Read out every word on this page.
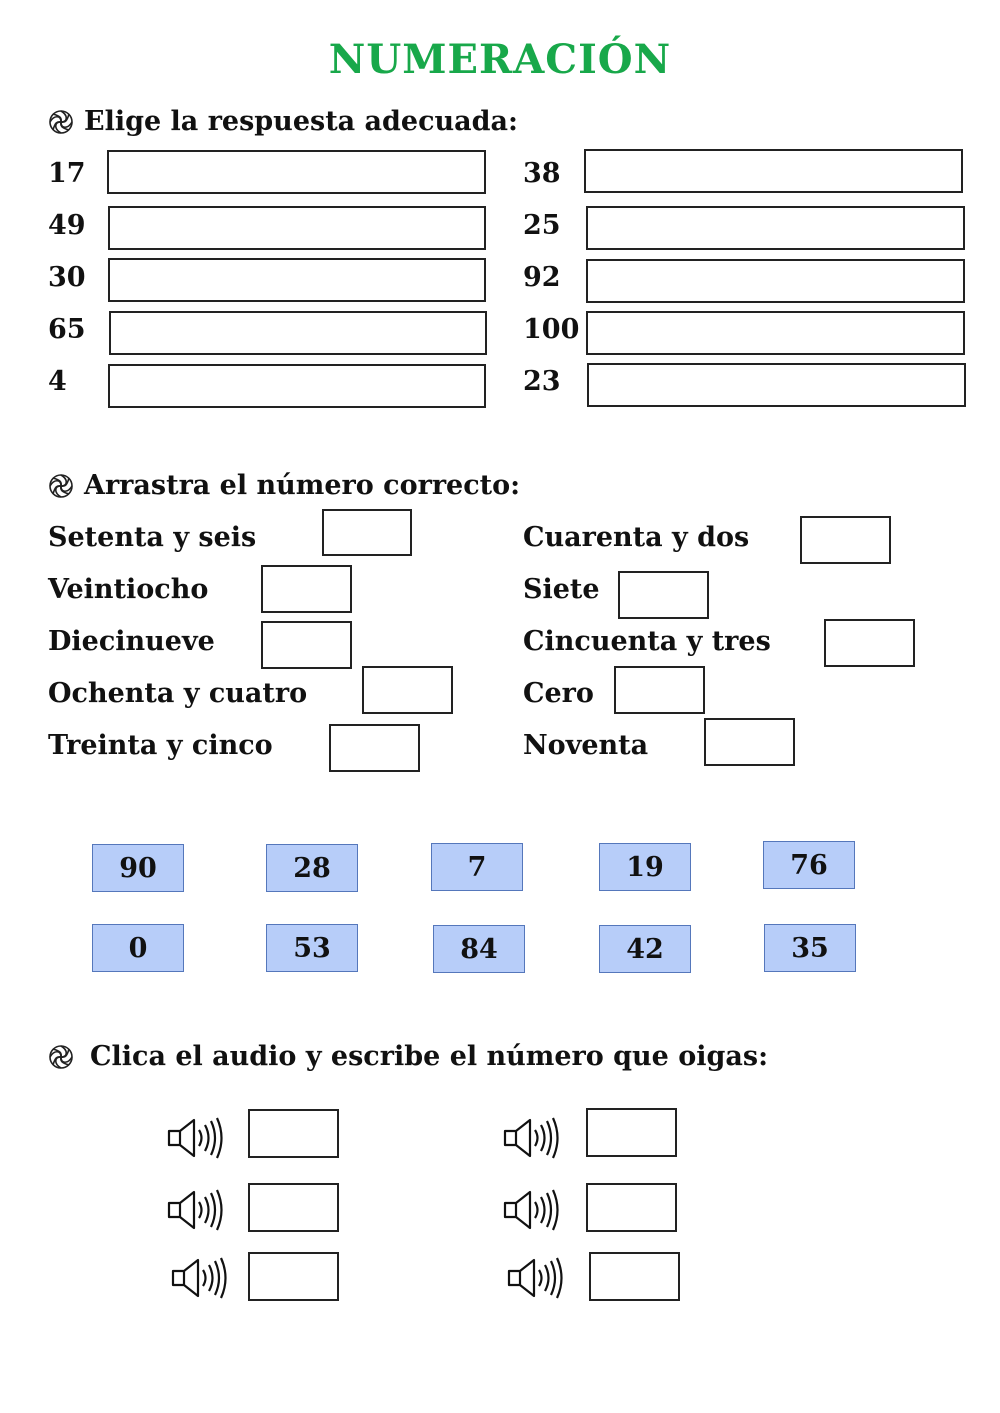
NUMERACIÓN
Elige la respuesta adecuada:
17
49
30
65
4
38
25
92
100
23
Arrastra el número correcto:
Setenta y seis
Veintiocho
Diecinueve
Ochenta y cuatro
Treinta y cinco
Cuarenta y dos
Siete
Cincuenta y tres
Cero
Noventa
90	28	7	19	76
0	53	84	42	35
Clica el audio y escribe el número que oigas:
